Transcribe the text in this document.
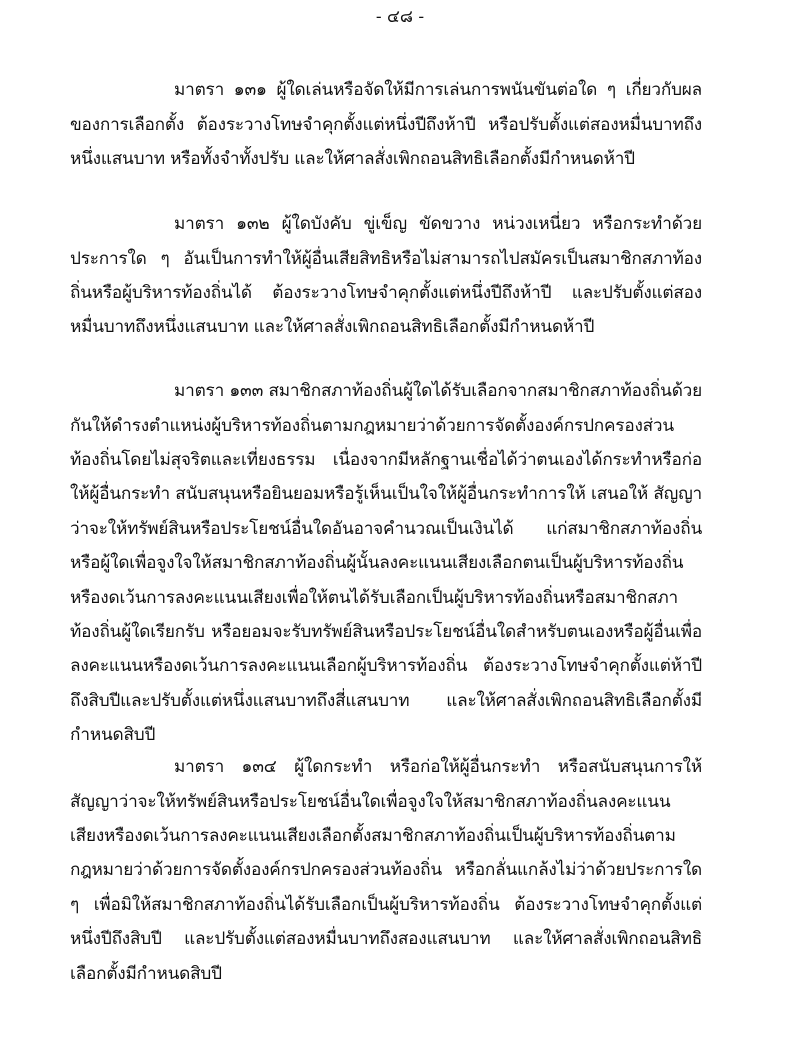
- ๔๘ -

มาตรา ๑๓๑ ผู้ใดเล่นหรือจัดให้มีการเล่นการพนันขันต่อใด ๆ เกี่ยวกับผลของการเลือกตั้ง ต้องระวางโทษจำคุกตั้งแต่หนึ่งปีถึงห้าปี หรือปรับตั้งแต่สองหมื่นบาทถึงหนึ่งแสนบาท หรือทั้งจำทั้งปรับ และให้ศาลสั่งเพิกถอนสิทธิเลือกตั้งมีกำหนดห้าปี

มาตรา ๑๓๒ ผู้ใดบังคับ ขู่เข็ญ ขัดขวาง หน่วงเหนี่ยว หรือกระทำด้วยประการใด ๆ อันเป็นการทำให้ผู้อื่นเสียสิทธิหรือไม่สามารถไปสมัครเป็นสมาชิกสภาท้องถิ่นหรือผู้บริหารท้องถิ่นได้ ต้องระวางโทษจำคุกตั้งแต่หนึ่งปีถึงห้าปี และปรับตั้งแต่สองหมื่นบาทถึงหนึ่งแสนบาท และให้ศาลสั่งเพิกถอนสิทธิเลือกตั้งมีกำหนดห้าปี

มาตรา ๑๓๓ สมาชิกสภาท้องถิ่นผู้ใดได้รับเลือกจากสมาชิกสภาท้องถิ่นด้วยกันให้ดำรงตำแหน่งผู้บริหารท้องถิ่นตามกฎหมายว่าด้วยการจัดตั้งองค์กรปกครองส่วนท้องถิ่นโดยไม่สุจริตและเที่ยงธรรม เนื่องจากมีหลักฐานเชื่อได้ว่าตนเองได้กระทำหรือก่อให้ผู้อื่นกระทำ สนับสนุนหรือยินยอมหรือรู้เห็นเป็นใจให้ผู้อื่นกระทำการให้ เสนอให้ สัญญาว่าจะให้ทรัพย์สินหรือประโยชน์อื่นใดอันอาจคำนวณเป็นเงินได้ แก่สมาชิกสภาท้องถิ่นหรือผู้ใดเพื่อจูงใจให้สมาชิกสภาท้องถิ่นผู้นั้นลงคะแนนเสียงเลือกตนเป็นผู้บริหารท้องถิ่น หรืองดเว้นการลงคะแนนเสียงเพื่อให้ตนได้รับเลือกเป็นผู้บริหารท้องถิ่นหรือสมาชิกสภาท้องถิ่นผู้ใดเรียกรับ หรือยอมจะรับทรัพย์สินหรือประโยชน์อื่นใดสำหรับตนเองหรือผู้อื่นเพื่อลงคะแนนหรืองดเว้นการลงคะแนนเลือกผู้บริหารท้องถิ่น ต้องระวางโทษจำคุกตั้งแต่ห้าปีถึงสิบปีและปรับตั้งแต่หนึ่งแสนบาทถึงสี่แสนบาท และให้ศาลสั่งเพิกถอนสิทธิเลือกตั้งมีกำหนดสิบปี

มาตรา ๑๓๔ ผู้ใดกระทำ หรือก่อให้ผู้อื่นกระทำ หรือสนับสนุนการให้ สัญญาว่าจะให้ทรัพย์สินหรือประโยชน์อื่นใดเพื่อจูงใจให้สมาชิกสภาท้องถิ่นลงคะแนนเสียงหรืองดเว้นการลงคะแนนเสียงเลือกตั้งสมาชิกสภาท้องถิ่นเป็นผู้บริหารท้องถิ่นตามกฎหมายว่าด้วยการจัดตั้งองค์กรปกครองส่วนท้องถิ่น หรือกลั่นแกล้งไม่ว่าด้วยประการใด ๆ เพื่อมิให้สมาชิกสภาท้องถิ่นได้รับเลือกเป็นผู้บริหารท้องถิ่น ต้องระวางโทษจำคุกตั้งแต่หนึ่งปีถึงสิบปี และปรับตั้งแต่สองหมื่นบาทถึงสองแสนบาท และให้ศาลสั่งเพิกถอนสิทธิเลือกตั้งมีกำหนดสิบปี
